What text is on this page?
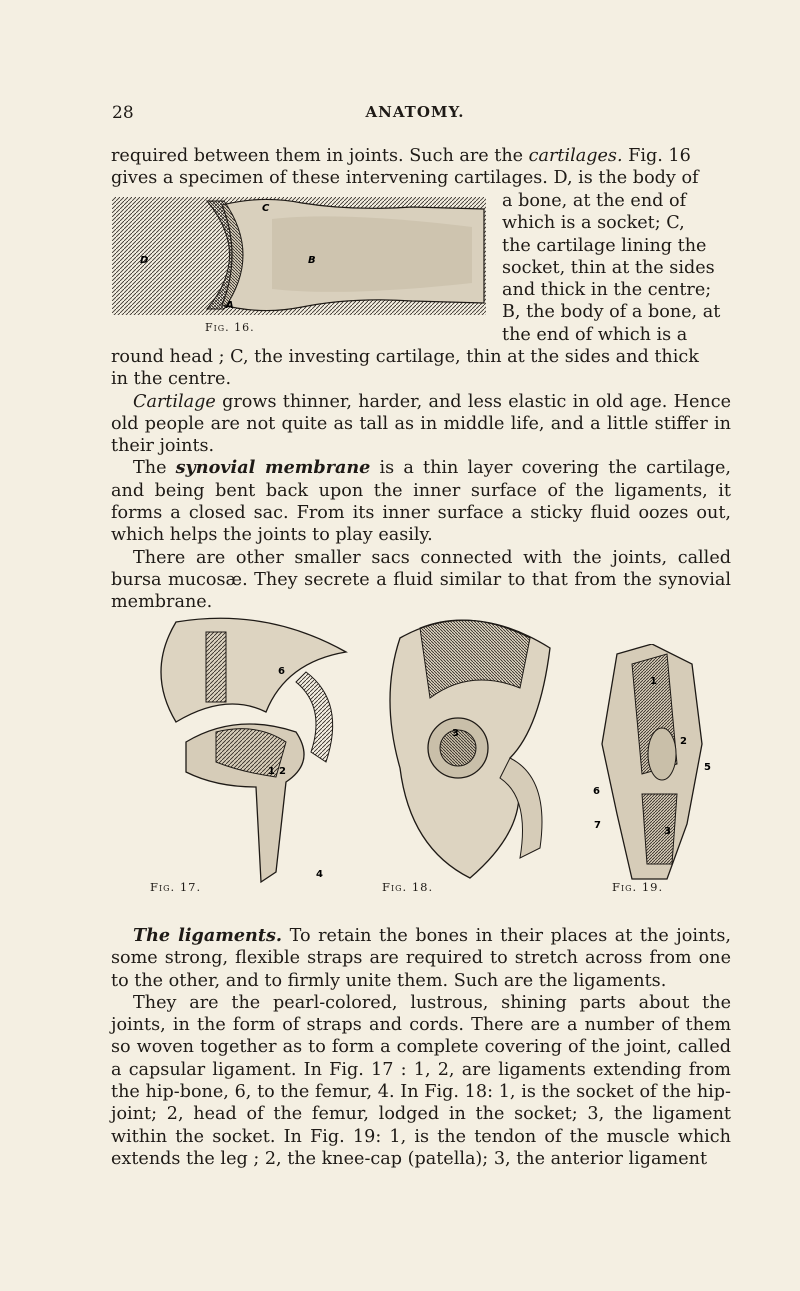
28	ANATOMY.

required between them in joints. Such are the cartilages. Fig. 16

gives a specimen of these intervening cartilages. D, is the body of

C
D	B
A
Fig. 16.

a bone, at the end of

which is a socket; C,

the cartilage lining the

socket, thin at the sides

and thick in the centre;

B, the body of a bone, at

the end of which is a

round head ; C, the investing cartilage, thin at the sides and thick

in the centre.

Cartilage grows thinner, harder, and less elastic in old age. Hence old people are not quite as tall as in middle life, and a little stiffer in their joints.

The synovial membrane is a thin layer covering the cartilage, and being bent back upon the inner surface of the ligaments, it forms a closed sac. From its inner surface a sticky fluid oozes out, which helps the joints to play easily.

There are other smaller sacs connected with the joints, called bursa mucosæ. They secrete a fluid similar to that from the synovial membrane.

6
1 2
4
3
1
2
3
5
6
7
Fig. 17.	Fig. 18.	Fig. 19.

The ligaments. To retain the bones in their places at the joints, some strong, flexible straps are required to stretch across from one to the other, and to firmly unite them. Such are the ligaments.

They are the pearl-colored, lustrous, shining parts about the joints, in the form of straps and cords. There are a number of them so woven together as to form a complete covering of the joint, called a capsular ligament. In Fig. 17 : 1, 2, are ligaments extending from the hip-bone, 6, to the femur, 4. In Fig. 18: 1, is the socket of the hip-joint; 2, head of the femur, lodged in the socket; 3, the ligament within the socket. In Fig. 19: 1, is the tendon of the muscle which extends the leg ; 2, the knee-cap (patella); 3, the anterior ligament
